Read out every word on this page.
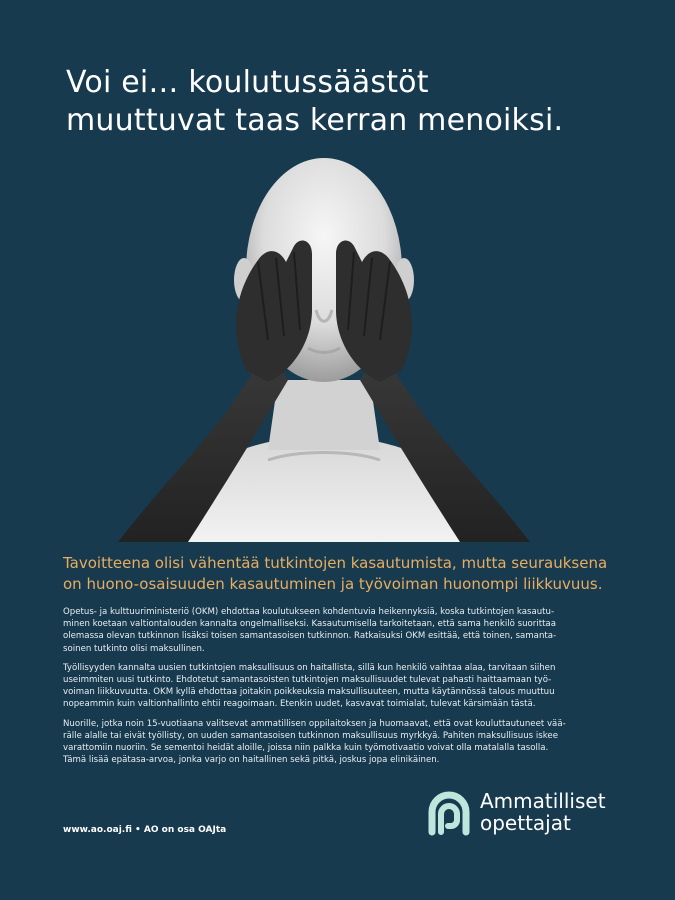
Voi ei… koulutussäästöt
muuttuvat taas kerran menoiksi.
Tavoitteena olisi vähentää tutkintojen kasautumista, mutta seurauksena
on huono-osaisuuden kasautuminen ja työvoiman huonompi liikkuvuus.

Opetus- ja kulttuuriministeriö (OKM) ehdottaa koulutukseen kohdentuvia heikennyksiä, koska tutkintojen kasautu-
minen koetaan valtiontalouden kannalta ongelmalliseksi. Kasautumisella tarkoitetaan, että sama henkilö suorittaa
olemassa olevan tutkinnon lisäksi toisen samantasoisen tutkinnon. Ratkaisuksi OKM esittää, että toinen, samanta-
soinen tutkinto olisi maksullinen.

Työllisyyden kannalta uusien tutkintojen maksullisuus on haitallista, sillä kun henkilö vaihtaa alaa, tarvitaan siihen
useimmiten uusi tutkinto. Ehdotetut samantasoisten tutkintojen maksullisuudet tulevat pahasti haittaamaan työ-
voiman liikkuvuutta. OKM kyllä ehdottaa joitakin poikkeuksia maksullisuuteen, mutta käytännössä talous muuttuu
nopeammin kuin valtionhallinto ehtii reagoimaan. Etenkin uudet, kasvavat toimialat, tulevat kärsimään tästä.

Nuorille, jotka noin 15-vuotiaana valitsevat ammatillisen oppilaitoksen ja huomaavat, että ovat kouluttautuneet vää-
rälle alalle tai eivät työllisty, on uuden samantasoisen tutkinnon maksullisuus myrkkyä. Pahiten maksullisuus iskee
varattomiin nuoriin. Se sementoi heidät aloille, joissa niin palkka kuin työmotivaatio voivat olla matalalla tasolla.
Tämä lisää epätasa-arvoa, jonka varjo on haitallinen sekä pitkä, joskus jopa elinikäinen.

www.ao.oaj.fi • AO on osa OAJta
Ammatilliset
opettajat
